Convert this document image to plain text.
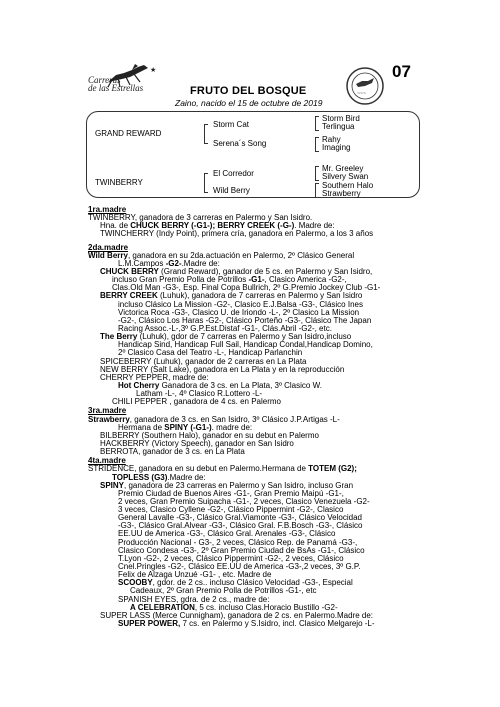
★
Carreras
de las Estrellas	FRUTO DEL BOSQUE
Zaino, nacido el 15 de octubre de 2019
~~~
07
GRAND REWARD
TWINBERRY
Storm Cat
Serena´s Song
El Corredor
Wild Berry
Storm Bird
Terlingua
Rahy
Imaging
Mr. Greeley
Silvery Swan
Southern Halo
Strawberry
1ra.madre
TWINBERRY, ganadora de 3 carreras en Palermo y San Isidro.
Hna. de CHUCK BERRY (-G1-); BERRY CREEK (-G-). Madre de:
TWINCHERRY (Indy Point), primera cría, ganadora en Palermo, a los 3 años
2da.madre
Wild Berry, ganadora en su 2da.actuación en Palermo, 2º Clásico General
L.M.Campos -G2-.Madre de:
CHUCK BERRY (Grand Reward), ganador de 5 cs. en Palermo y San Isidro,
incluso Gran Premio Polla de Potrillos -G1-, Clasico America -G2-,
Clas.Old Man -G3-, Esp. Final Copa Bullrich, 2º G.Premio Jockey Club -G1-
BERRY CREEK (Luhuk), ganadora de 7 carreras en Palermo y San Isidro
incluso Clásico La Mission -G2-, Clasico E.J.Balsa -G3-, Clásico Ines
Victorica Roca -G3-, Clasico U. de Iriondo -L-, 2º Clasico La Mission
-G2-, Clásico Los Haras -G2-, Clásico Porteño -G3-, Clásico The Japan
Racing Assoc.-L-,3º G.P.Est.Distaf -G1-, Clás.Abril -G2-, etc.
The Berry (Luhuk), gdor de 7 carreras en Palermo y San Isidro,incluso
Handicap Sind, Handicap Full Sail, Handicap Condal,Handicap Domino,
2º Clasico Casa del Teatro -L-, Handicap Parlanchin
SPICEBERRY (Luhuk), ganador de 2 carreras en La Plata
NEW BERRY (Salt Lake), ganadora en La Plata y en la reproducción
CHERRY PEPPER, madre de:
Hot Cherry Ganadora de 3 cs. en La Plata, 3º Clasico W.
Latham -L-, 4º Clasico R.Lottero -L-
CHILI PEPPER , ganadora de 4 cs. en Palermo
3ra.madre
Strawberry, ganadora de 3 cs. en San Isidro, 3º Clásico J.P.Artigas -L-
Hermana de SPINY (-G1-). madre de:
BILBERRY (Southern Halo), ganador en su debut en Palermo
HACKBERRY (Victory Speech), ganador en San Isidro
BERROTA, ganador de 3 cs. en La Plata
4ta.madre
STRIDENCE, ganadora en su debut en Palermo.Hermana de TOTEM (G2);
TOPLESS (G3).Madre de:
SPINY, ganadora de 23 carreras en Palermo y San Isidro, incluso Gran
Premio Ciudad de Buenos Aires -G1-, Gran Premio Maipú -G1-,
2 veces, Gran Premio Suipacha -G1-, 2 veces, Clasico Venezuela -G2-
3 veces, Clasico Cyllene -G2-, Clásico Pippermint -G2-, Clasico
General Lavalle -G3-, Clásico Gral.Viamonte -G3-, Clásico Velocidad
-G3-, Clásico Gral.Alvear -G3-, Clásico Gral. F.B.Bosch -G3-, Clásico
EE.UU de America -G3-, Clásico Gral. Arenales -G3-, Clásico
Producción Nacional - G3-, 2 veces, Clásico Rep. de Panamá -G3-,
Clasico Condesa -G3-, 2º Gran Premio Ciudad de BsAs -G1-, Clásico
T.Lyon -G2-, 2 veces, Clásico Pippermint -G2-, 2 veces, Clásico
Cnel.Pringles -G2-, Clásico EE.UU de America -G3-,2 veces, 3º G.P.
Felix de Alzaga Unzué -G1- , etc. Madre de
SCOOBY, gdor. de 2 cs.. incluso Clásico Velocidad -G3-, Especial
Cadeaux, 2º Gran Premio Polla de Potrillos -G1-, etc
SPANISH EYES, gdra. de 2 cs., madre de:
A CELEBRATION, 5 cs. incluso Clas.Horacio Bustillo -G2-
SUPER LASS (Merce Cunnigham), ganadora de 2 cs. en Palermo.Madre de:
SUPER POWER, 7 cs. en Palermo y S.Isidro, incl. Clasico Melgarejo -L-
